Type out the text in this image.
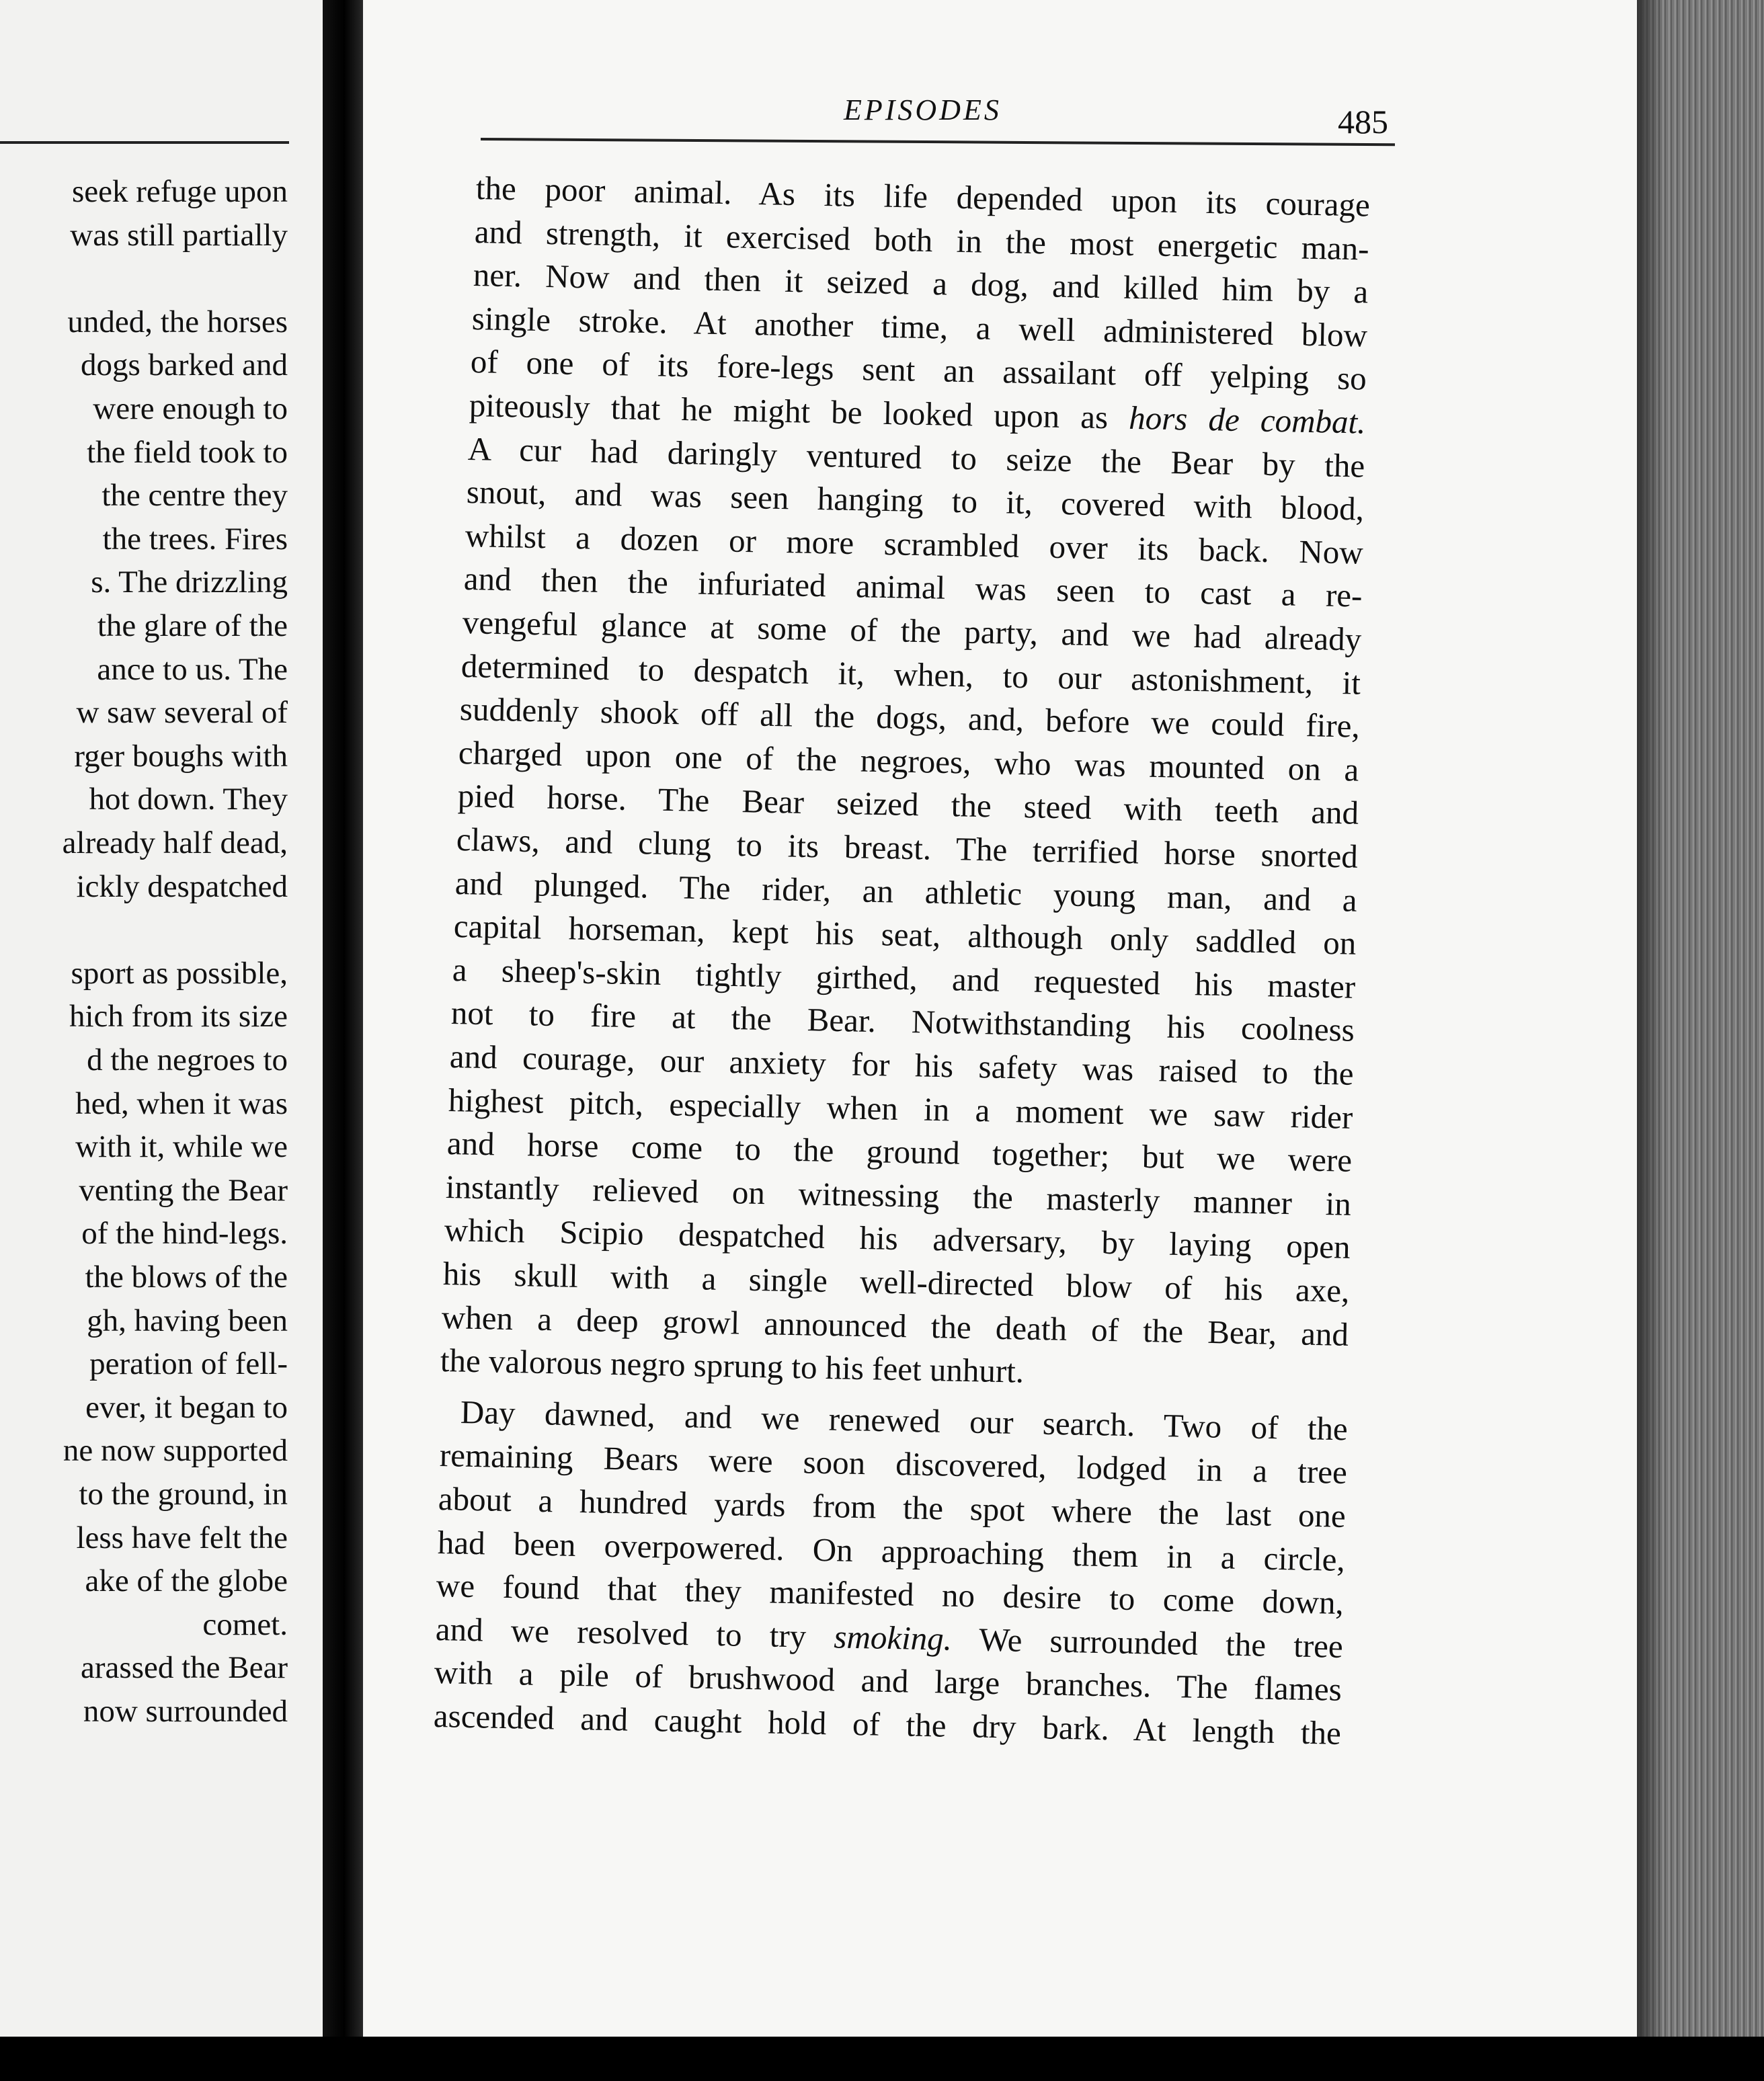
seek refuge upon
was still partially
unded, the horses
dogs barked and
were enough to
the field took to
the centre they
the trees. Fires
s. The drizzling
the glare of the
ance to us. The
w saw several of
rger boughs with
hot down. They
already half dead,
ickly despatched
sport as possible,
hich from its size
d the negroes to
hed, when it was
with it, while we
venting the Bear
of the hind-legs.
the blows of the
gh, having been
peration of fell-
ever, it began to
ne now supported
to the ground, in
less have felt the
ake of the globe
comet.
arassed the Bear
now surrounded
EPISODES	485
the poor animal. As its life depended upon its courage
and strength, it exercised both in the most energetic man-
ner. Now and then it seized a dog, and killed him by a
single stroke. At another time, a well administered blow
of one of its fore-legs sent an assailant off yelping so
piteously that he might be looked upon as hors de combat.
A cur had daringly ventured to seize the Bear by the
snout, and was seen hanging to it, covered with blood,
whilst a dozen or more scrambled over its back. Now
and then the infuriated animal was seen to cast a re-
vengeful glance at some of the party, and we had already
determined to despatch it, when, to our astonishment, it
suddenly shook off all the dogs, and, before we could fire,
charged upon one of the negroes, who was mounted on a
pied horse. The Bear seized the steed with teeth and
claws, and clung to its breast. The terrified horse snorted
and plunged. The rider, an athletic young man, and a
capital horseman, kept his seat, although only saddled on
a sheep's-skin tightly girthed, and requested his master
not to fire at the Bear. Notwithstanding his coolness
and courage, our anxiety for his safety was raised to the
highest pitch, especially when in a moment we saw rider
and horse come to the ground together; but we were
instantly relieved on witnessing the masterly manner in
which Scipio despatched his adversary, by laying open
his skull with a single well-directed blow of his axe,
when a deep growl announced the death of the Bear, and
the valorous negro sprung to his feet unhurt.
Day dawned, and we renewed our search. Two of the
remaining Bears were soon discovered, lodged in a tree
about a hundred yards from the spot where the last one
had been overpowered. On approaching them in a circle,
we found that they manifested no desire to come down,
and we resolved to try smoking. We surrounded the tree
with a pile of brushwood and large branches. The flames
ascended and caught hold of the dry bark. At length the
